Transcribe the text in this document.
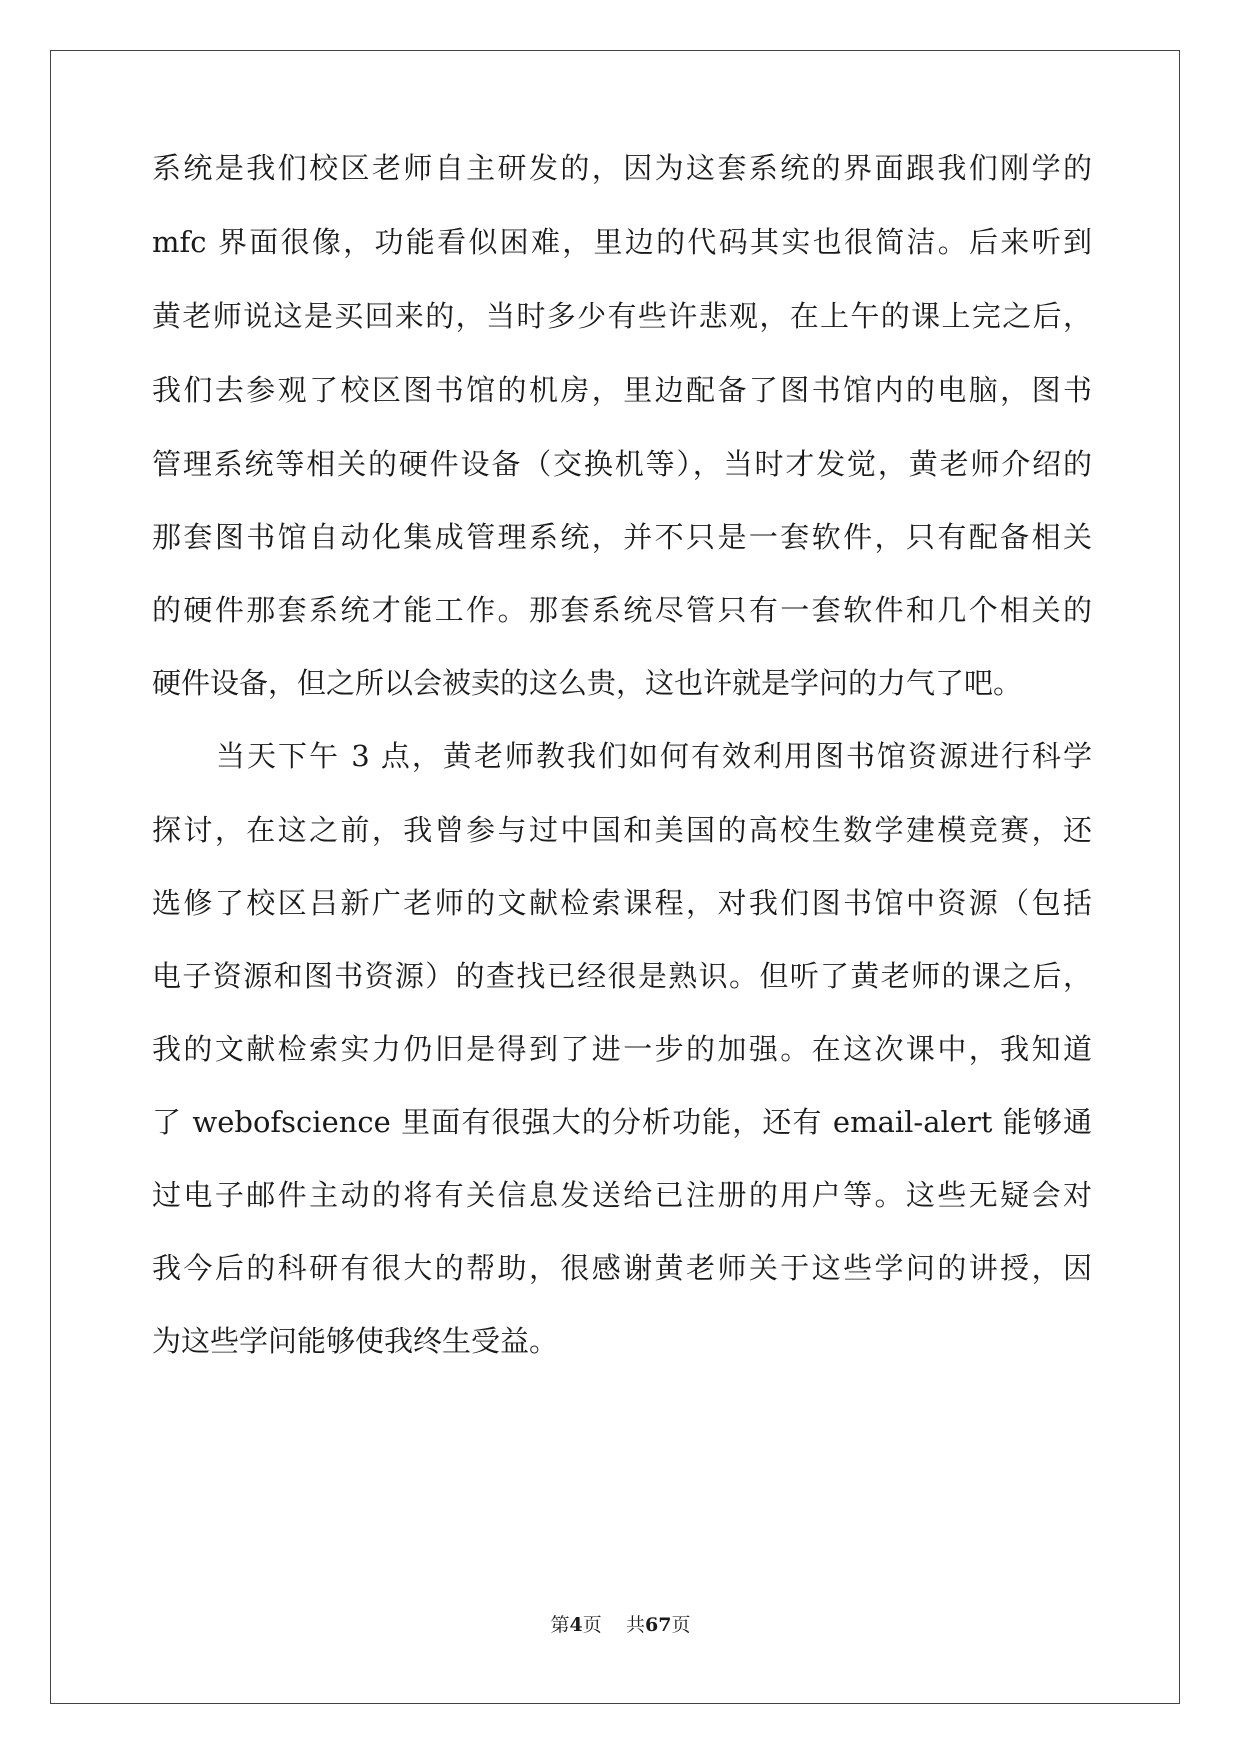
系统是我们校区老师自主研发的，因为这套系统的界面跟我们刚学的
mfc 界面很像，功能看似困难，里边的代码其实也很简洁。后来听到
黄老师说这是买回来的，当时多少有些许悲观，在上午的课上完之后，
我们去参观了校区图书馆的机房，里边配备了图书馆内的电脑，图书
管理系统等相关的硬件设备（交换机等），当时才发觉，黄老师介绍的
那套图书馆自动化集成管理系统，并不只是一套软件，只有配备相关
的硬件那套系统才能工作。那套系统尽管只有一套软件和几个相关的
硬件设备，但之所以会被卖的这么贵，这也许就是学问的力气了吧。
当天下午 3 点，黄老师教我们如何有效利用图书馆资源进行科学
探讨，在这之前，我曾参与过中国和美国的高校生数学建模竞赛，还
选修了校区吕新广老师的文献检索课程，对我们图书馆中资源（包括
电子资源和图书资源）的查找已经很是熟识。但听了黄老师的课之后，
我的文献检索实力仍旧是得到了进一步的加强。在这次课中，我知道
了 webofscience 里面有很强大的分析功能，还有 email-alert 能够通
过电子邮件主动的将有关信息发送给已注册的用户等。这些无疑会对
我今后的科研有很大的帮助，很感谢黄老师关于这些学问的讲授，因
为这些学问能够使我终生受益。
第4页 共67页
